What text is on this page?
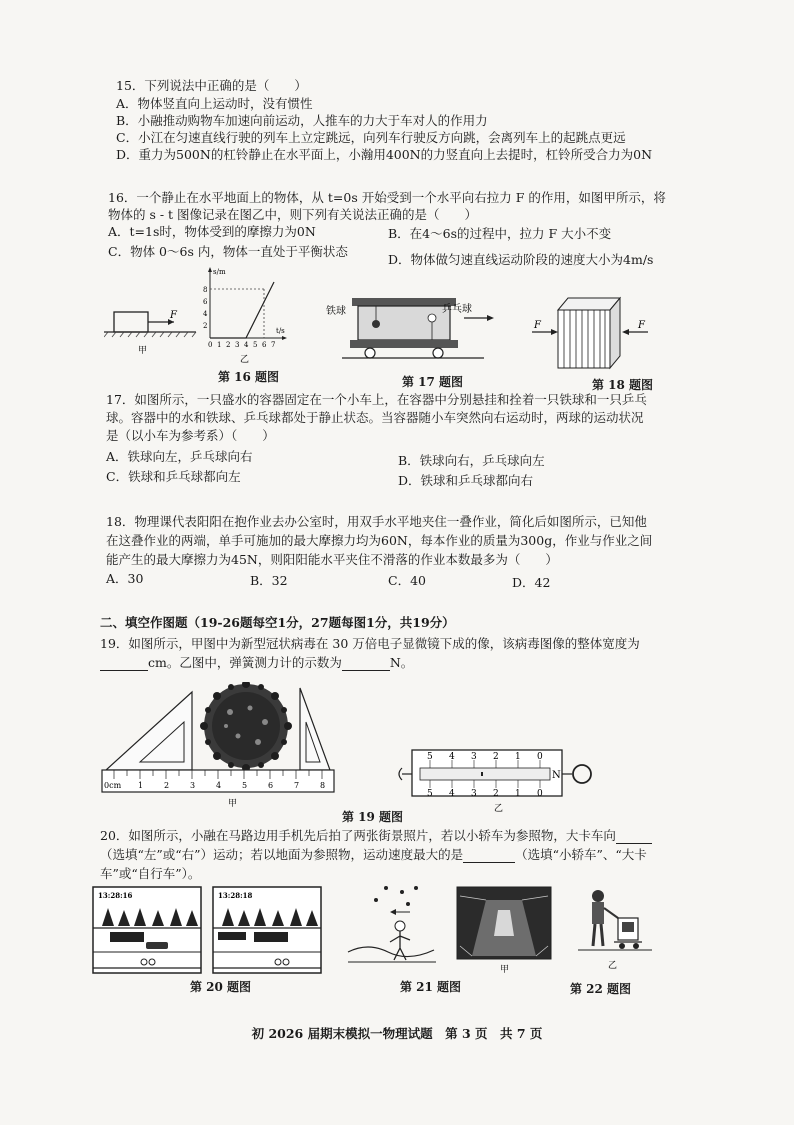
15．下列说法中正确的是（　　）
A．物体竖直向上运动时，没有惯性
B．小融推动购物车加速向前运动，人推车的力大于车对人的作用力
C．小江在匀速直线行驶的列车上立定跳远，向列车行驶反方向跳，会离列车上的起跳点更远
D．重力为500N的杠铃静止在水平面上，小瀚用400N的力竖直向上去提时，杠铃所受合力为0N
16．一个静止在水平地面上的物体，从 t=0s 开始受到一个水平向右拉力 F 的作用，如图甲所示，将
物体的 s - t 图像记录在图乙中，则下列有关说法正确的是（　　）
A．t=1s时，物体受到的摩擦力为0N	B．在4～6s的过程中，拉力 F 大小不变
C．物体 0～6s 内，物体一直处于平衡状态
D．物体做匀速直线运动阶段的速度大小为4m/s
F
甲
s/m
t/s
8
6
4
2
0 1 2 3 4 5 6 7
乙
铁球	乒乓球
F	F
第 16 题图	第 17 题图	第 18 题图
17．如图所示，一只盛水的容器固定在一个小车上，在容器中分别悬挂和拴着一只铁球和一只乒乓
球。容器中的水和铁球、乒乓球都处于静止状态。当容器随小车突然向右运动时，两球的运动状况
是（以小车为参考系）（　　）
A．铁球向左，乒乓球向右	B．铁球向右，乒乓球向左
C．铁球和乒乓球都向左	D．铁球和乒乓球都向右
18．物理课代表阳阳在抱作业去办公室时，用双手水平地夹住一叠作业，简化后如图所示，已知他
在这叠作业的两端，单手可施加的最大摩擦力均为60N，每本作业的质量为300g，作业与作业之间
能产生的最大摩擦力为45N，则阳阳能水平夹住不滑落的作业本数最多为（　　）
A．30	B．32	C．40	D．42
二、填空作图题（19-26题每空1分，27题每图1分，共19分）
19．如图所示，甲图中为新型冠状病毒在 30 万倍电子显微镜下成的像，该病毒图像的整体宽度为
cm。乙图中，弹簧测力计的示数为	N。
0cm 1	2	3	4	5	6	7	8
甲
5 4 3 2 1 0
5 4 3 2 1 0
N
乙
第 19 题图
20．如图所示，小融在马路边用手机先后拍了两张街景照片，若以小轿车为参照物，大卡车向
（选填“左”或“右”）运动；若以地面为参照物，运动速度最大的是	（选填“小轿车”、“大卡
车”或“自行车”）。
13:28:16	13:28:18
甲	乙
第 20 题图	第 21 题图	第 22 题图
初 2026 届期末模拟一物理试题　第 3 页　共 7 页
